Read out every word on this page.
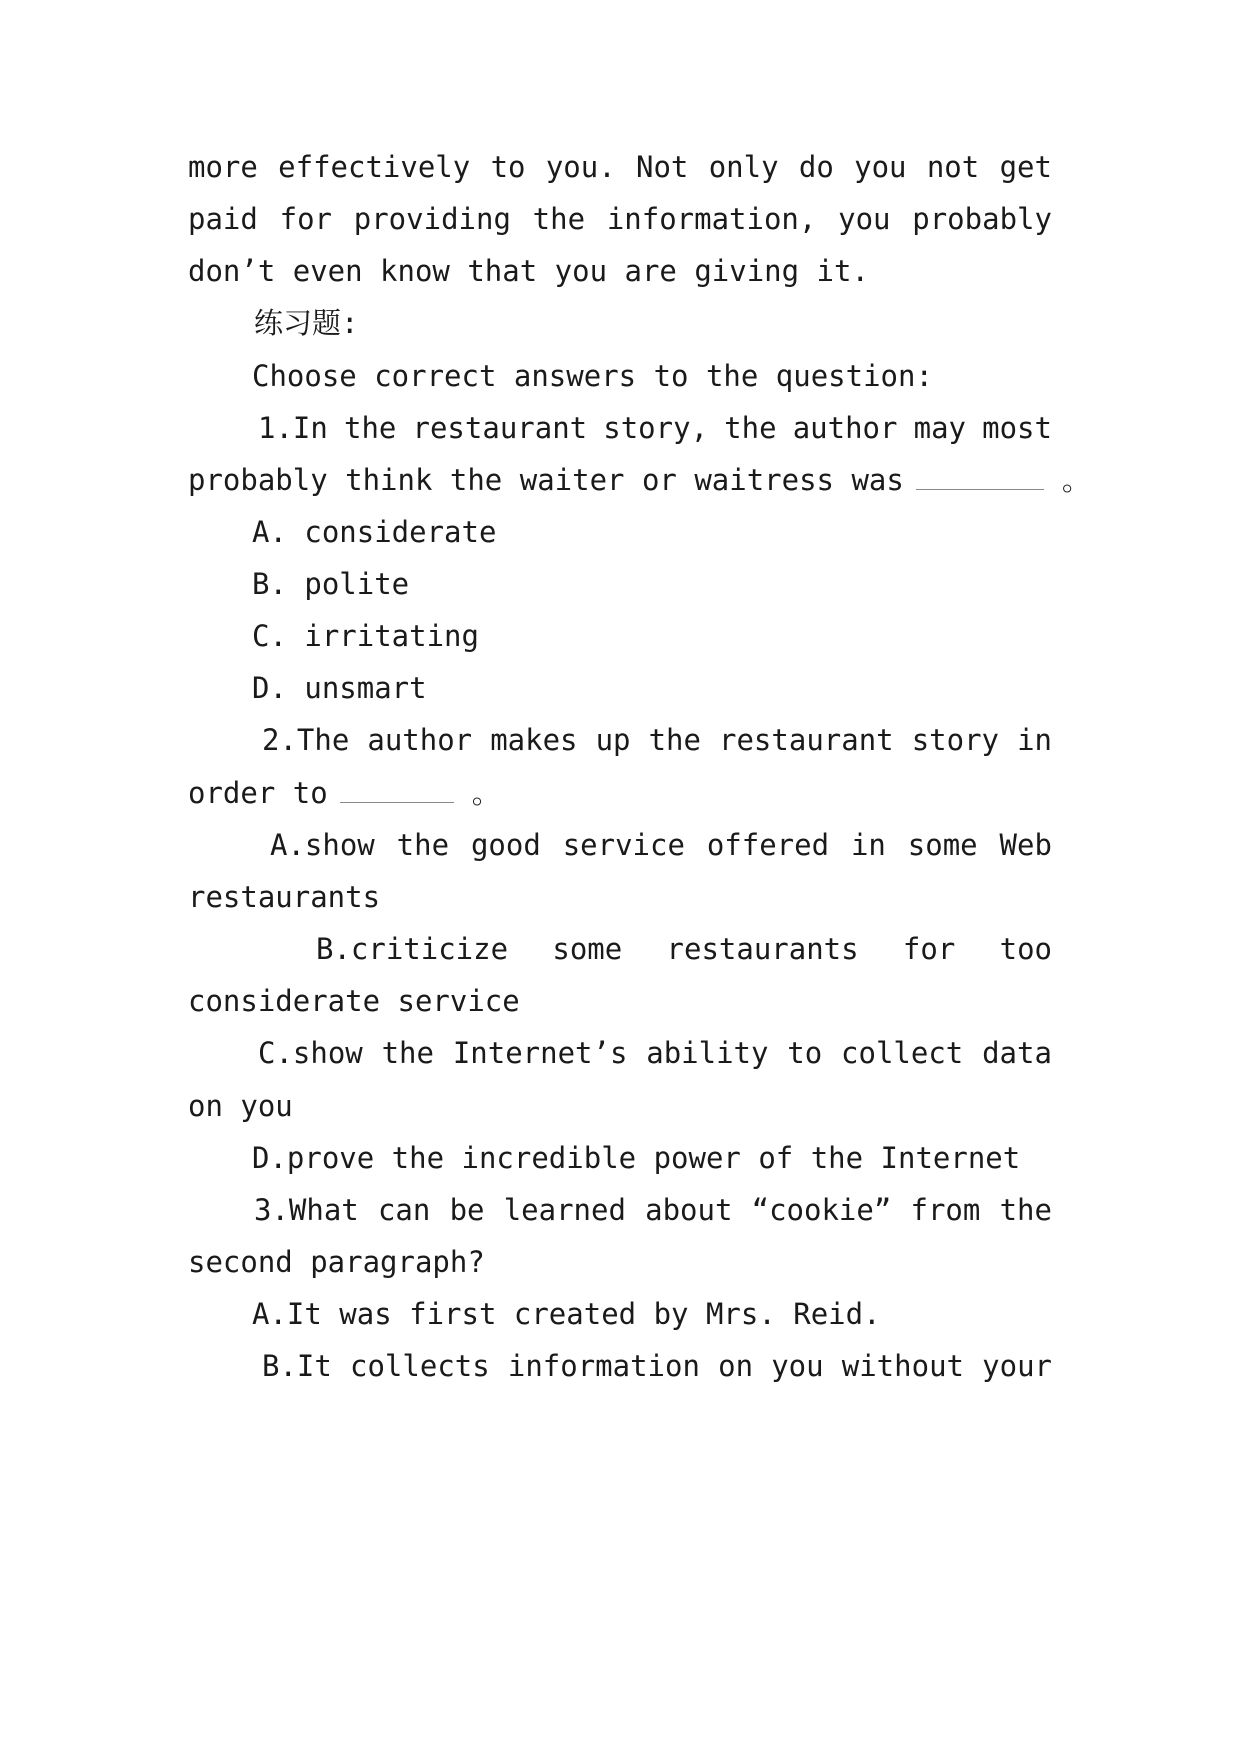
more effectively to you. Not only do you not get
paid for providing the information, you probably
don’t even know that you are giving it.
练习题:
Choose correct answers to the question:
1.In the restaurant story, the author may most
probably think the waiter or waitress was	。
A. considerate
B. polite
C. irritating
D. unsmart
2.The author makes up the restaurant story in
order to	。
A.show the good service offered in some Web
restaurants
B.criticize some restaurants for too
considerate service
C.show the Internet’s ability to collect data
on you
D.prove the incredible power of the Internet
3.What can be learned about “cookie” from the
second paragraph?
A.It was first created by Mrs. Reid.
B.It collects information on you without your
